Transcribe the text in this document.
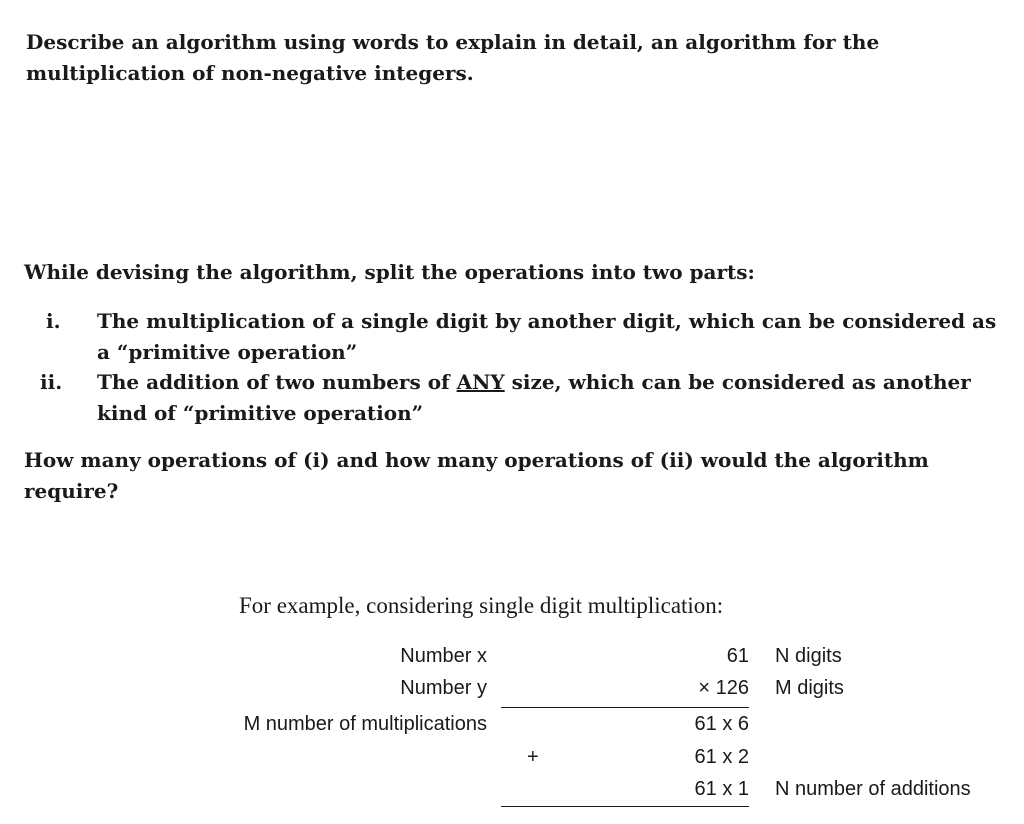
Describe an algorithm using words to explain in detail, an algorithm for the multiplication of non-negative integers.
While devising the algorithm, split the operations into two parts:
i. The multiplication of a single digit by another digit, which can be considered as a “primitive operation”
ii. The addition of two numbers of ANY size, which can be considered as another kind of “primitive operation”
How many operations of (i) and how many operations of (ii) would the algorithm require?
For example, considering single digit multiplication:
Number x
Number y
M number of multiplications
61
× 126
61 x 6
+	61 x 2
61 x 1
N digits
M digits
N number of additions
